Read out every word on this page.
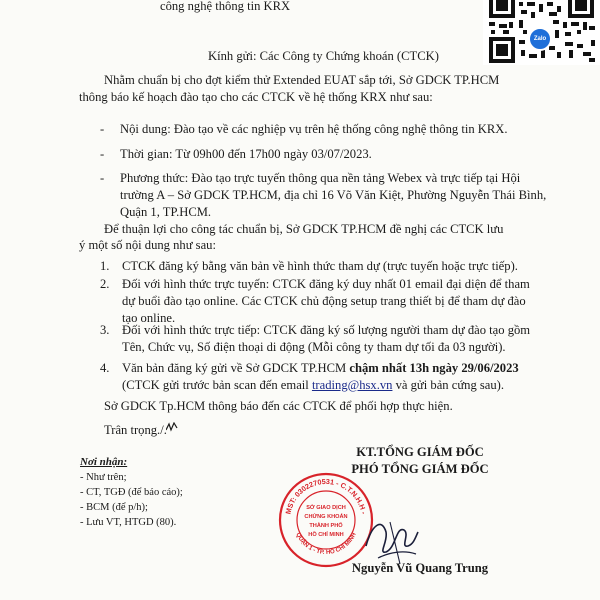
công nghệ thông tin KRX
Zalo
Kính gửi: Các Công ty Chứng khoán (CTCK)
Nhằm chuẩn bị cho đợt kiểm thử Extended EUAT sắp tới, Sở GDCK TP.HCM
thông báo kế hoạch đào tạo cho các CTCK về hệ thống KRX như sau:
- Nội dung: Đào tạo về các nghiệp vụ trên hệ thống công nghệ thông tin KRX.
- Thời gian: Từ 09h00 đến 17h00 ngày 03/07/2023.
- Phương thức: Đào tạo trực tuyến thông qua nền tảng Webex và trực tiếp tại Hội
trường A – Sở GDCK TP.HCM, địa chỉ 16 Võ Văn Kiệt, Phường Nguyễn Thái Bình,
Quận 1, TP.HCM.
Để thuận lợi cho công tác chuẩn bị, Sở GDCK TP.HCM đề nghị các CTCK lưu
ý một số nội dung như sau:
1. CTCK đăng ký bằng văn bản về hình thức tham dự (trực tuyến hoặc trực tiếp).
2. Đối với hình thức trực tuyến: CTCK đăng ký duy nhất 01 email đại diện để tham
dự buổi đào tạo online. Các CTCK chủ động setup trang thiết bị để tham dự đào
tạo online.
3. Đối với hình thức trực tiếp: CTCK đăng ký số lượng người tham dự đào tạo gồm
Tên, Chức vụ, Số điện thoại di động (Mỗi công ty tham dự tối đa 03 người).
4. Văn bản đăng ký gửi về Sở GDCK TP.HCM chậm nhất 13h ngày 29/06/2023
(CTCK gửi trước bản scan đến email trading@hsx.vn và gửi bản cứng sau).
Sở GDCK Tp.HCM thông báo đến các CTCK để phối hợp thực hiện.
Trân trọng./.
Nơi nhận:
- Như trên;
- CT, TGĐ (để báo cáo);
- BCM (để p/h);
- Lưu VT, HTGD (80).
KT.TỔNG GIÁM ĐỐC
PHÓ TỔNG GIÁM ĐỐC
MST: 0302270531 - C.T.N.H.H -
QUẬN 1 - TP. HỒ CHÍ MINH
SỞ GIAO DỊCH
CHỨNG KHOÁN
THÀNH PHỐ
HỒ CHÍ MINH
Nguyễn Vũ Quang Trung
